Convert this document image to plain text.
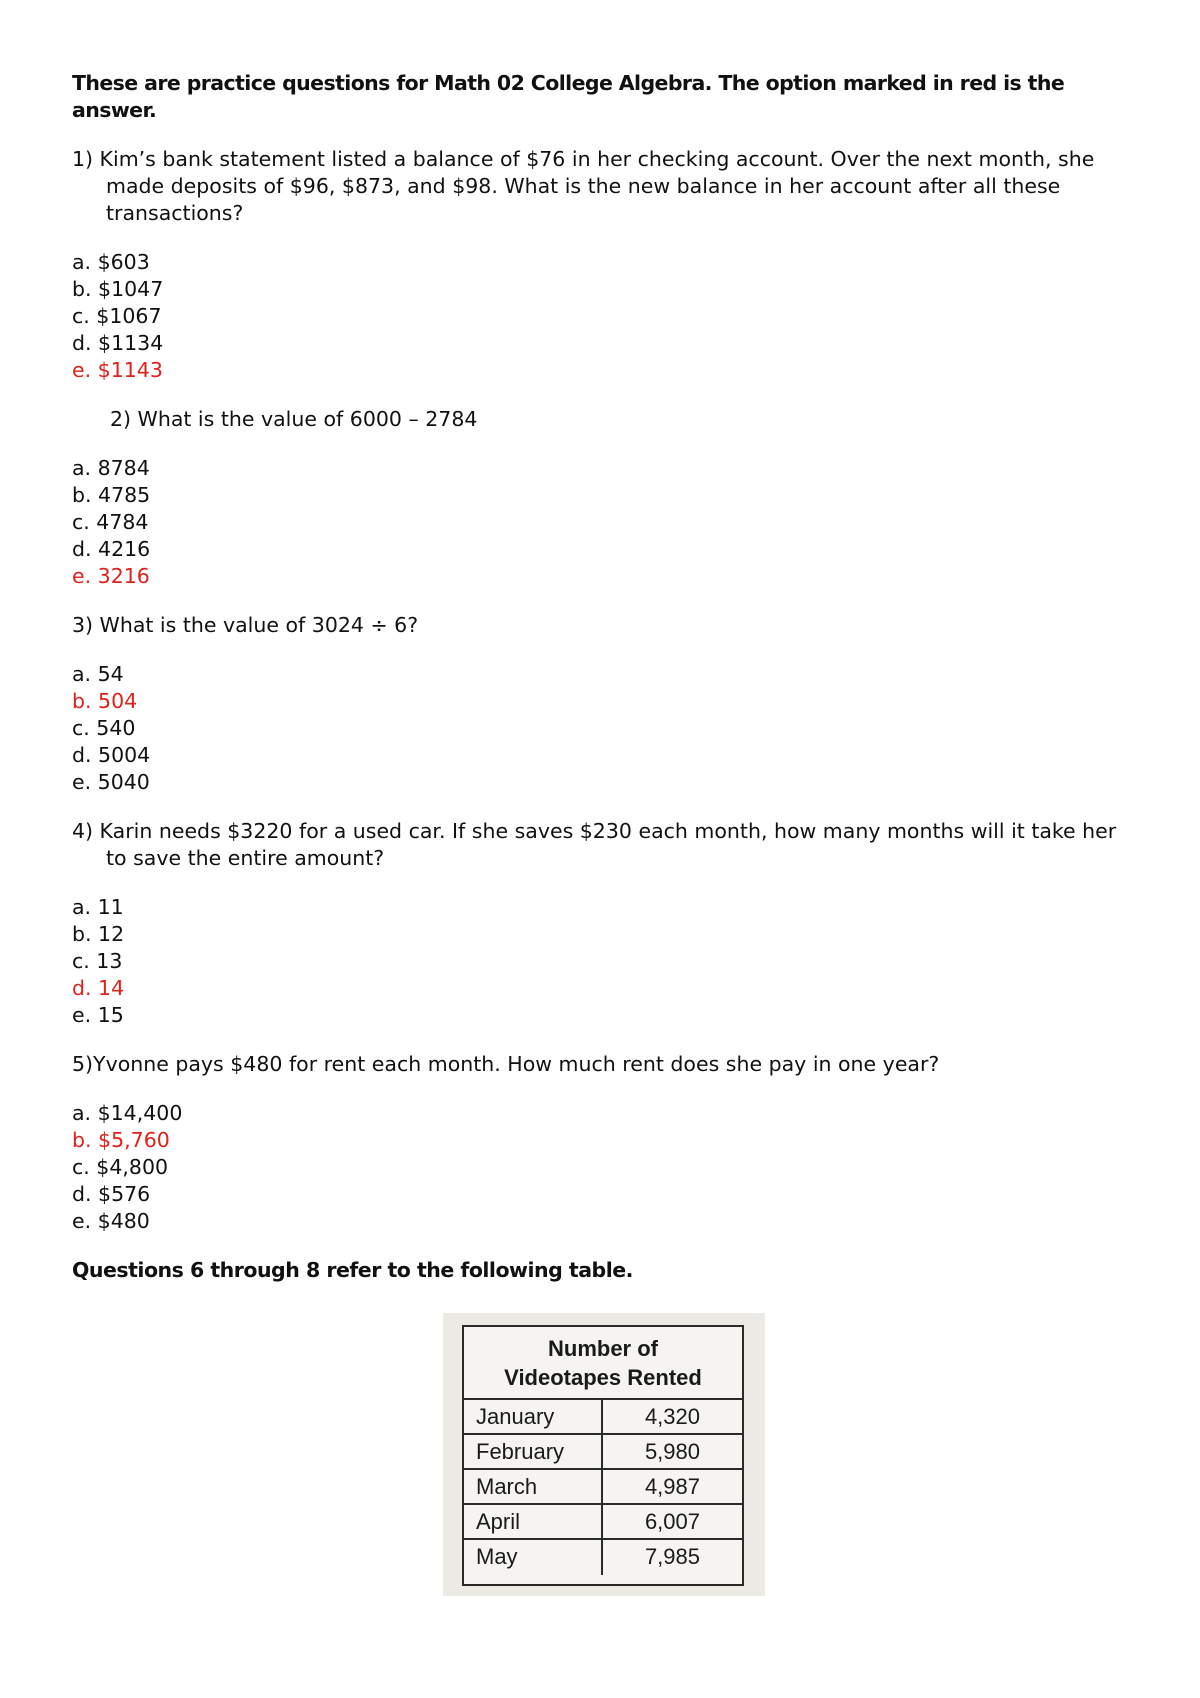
These are practice questions for Math 02 College Algebra. The option marked in red is the answer.
1) Kim’s bank statement listed a balance of $76 in her checking account. Over the next month, she made deposits of $96, $873, and $98. What is the new balance in her account after all these transactions?
a. $603
b. $1047
c. $1067
d. $1134
e. $1143
2) What is the value of 6000 – 2784
a. 8784
b. 4785
c. 4784
d. 4216
e. 3216
3) What is the value of 3024 ÷ 6?
a. 54
b. 504
c. 540
d. 5004
e. 5040
4) Karin needs $3220 for a used car. If she saves $230 each month, how many months will it take her to save the entire amount?
a. 11
b. 12
c. 13
d. 14
e. 15
5)Yvonne pays $480 for rent each month. How much rent does she pay in one year?
a. $14,400
b. $5,760
c. $4,800
d. $576
e. $480
Questions 6 through 8 refer to the following table.
Number of
Videotapes Rented
January	4,320
February	5,980
March	4,987
April	6,007
May	7,985
